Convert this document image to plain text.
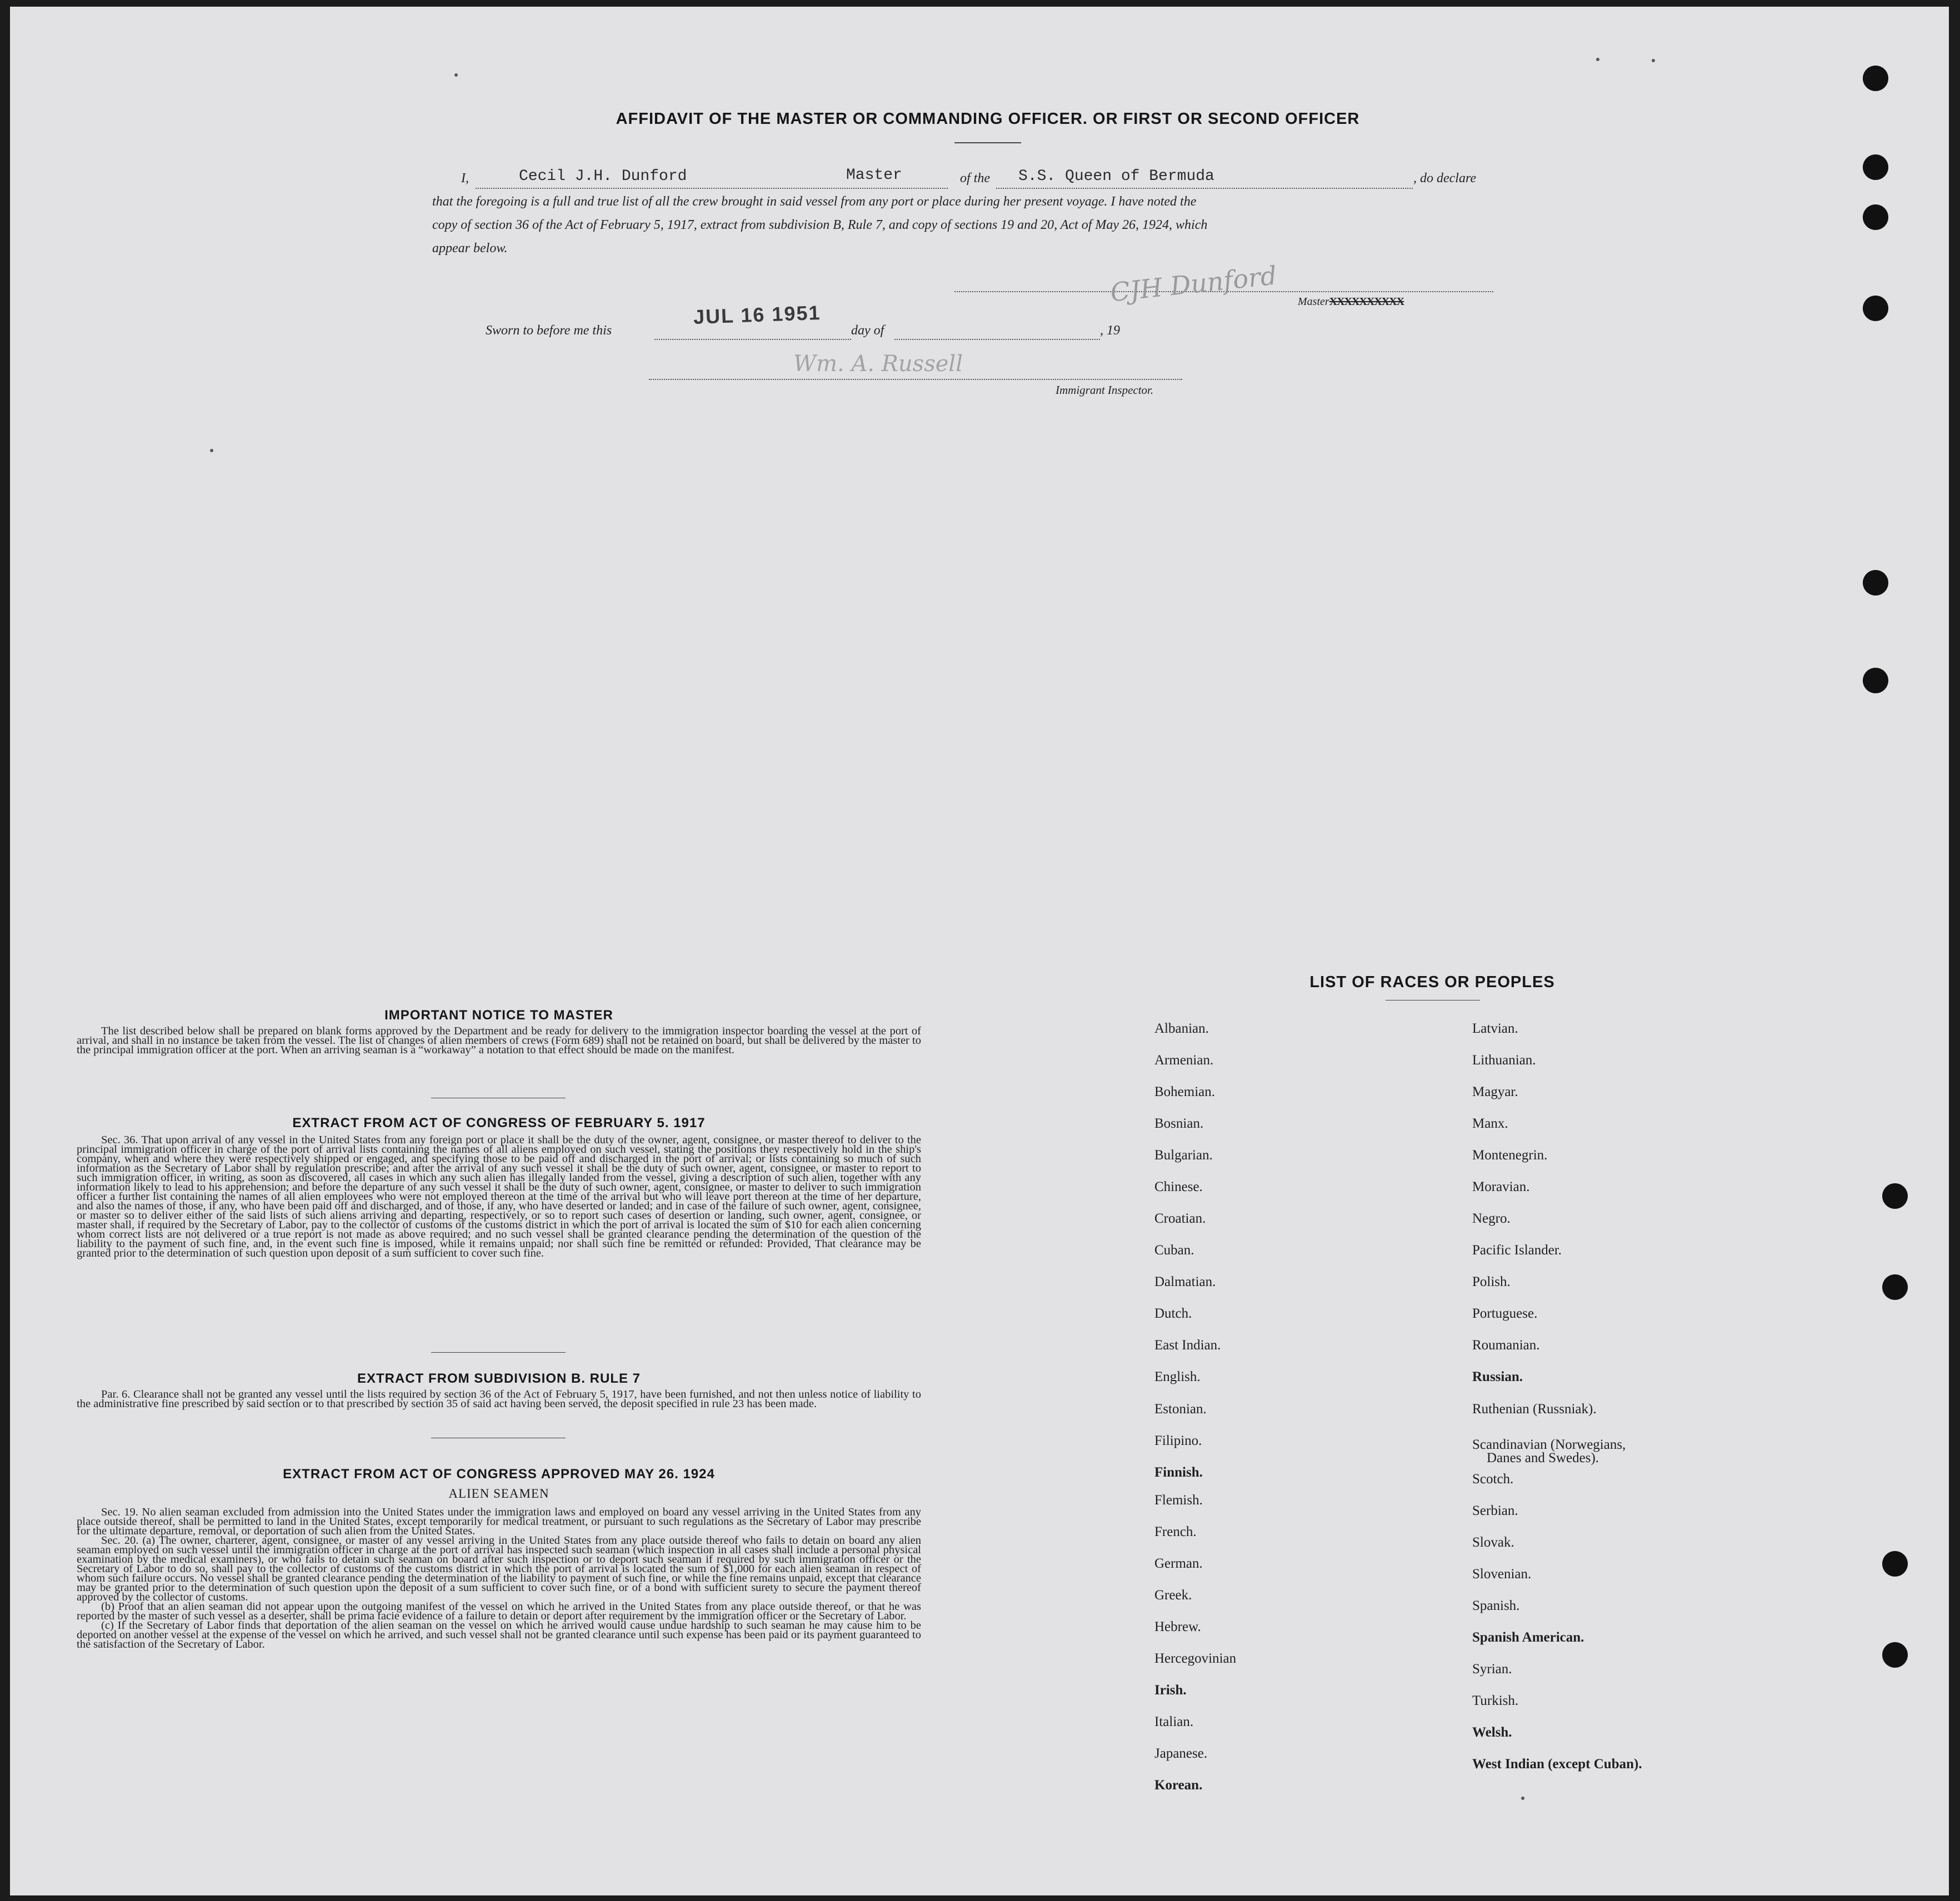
AFFIDAVIT OF THE MASTER OR COMMANDING OFFICER. OR FIRST OR SECOND OFFICER
I,	Cecil J.H. Dunford	Master	of the S.S. Queen of Bermuda	, do declare
that the foregoing is a full and true list of all the crew brought in said vessel from any port or place during her present voyage. I have noted the
copy of section 36 of the Act of February 5, 1917, extract from subdivision B, Rule 7, and copy of sections 19 and 20, Act of May 26, 1924, which
appear below.
CJH Dunford MasterXXXXXXXXXX
Sworn to before me this
JUL 16 1951
day of	, 19
Wm. A. Russell
Immigrant Inspector.
IMPORTANT NOTICE TO MASTER

The list described below shall be prepared on blank forms approved by the Department and be ready for delivery to the immigration inspector boarding the vessel at the port of arrival, and shall in no instance be taken from the vessel. The list of changes of alien members of crews (Form 689) shall not be retained on board, but shall be delivered by the master to the principal immigration officer at the port. When an arriving seaman is a “workaway” a notation to that effect should be made on the manifest.

EXTRACT FROM ACT OF CONGRESS OF FEBRUARY 5. 1917

Sec. 36. That upon arrival of any vessel in the United States from any foreign port or place it shall be the duty of the owner, agent, consignee, or master thereof to deliver to the principal immigration officer in charge of the port of arrival lists containing the names of all aliens employed on such vessel, stating the positions they respectively hold in the ship's company, when and where they were respectively shipped or engaged, and specifying those to be paid off and discharged in the port of arrival; or lists containing so much of such information as the Secretary of Labor shall by regulation prescribe; and after the arrival of any such vessel it shall be the duty of such owner, agent, consignee, or master to report to such immigration officer, in writing, as soon as discovered, all cases in which any such alien has illegally landed from the vessel, giving a description of such alien, together with any information likely to lead to his apprehension; and before the departure of any such vessel it shall be the duty of such owner, agent, consignee, or master to deliver to such immigration officer a further list containing the names of all alien employees who were not employed thereon at the time of the arrival but who will leave port thereon at the time of her departure, and also the names of those, if any, who have been paid off and discharged, and of those, if any, who have deserted or landed; and in case of the failure of such owner, agent, consignee, or master so to deliver either of the said lists of such aliens arriving and departing, respectively, or so to report such cases of desertion or landing, such owner, agent, consignee, or master shall, if required by the Secretary of Labor, pay to the collector of customs of the customs district in which the port of arrival is located the sum of $10 for each alien concerning whom correct lists are not delivered or a true report is not made as above required; and no such vessel shall be granted clearance pending the determination of the question of the liability to the payment of such fine, and, in the event such fine is imposed, while it remains unpaid; nor shall such fine be remitted or refunded: Provided, That clearance may be granted prior to the determination of such question upon deposit of a sum sufficient to cover such fine.

EXTRACT FROM SUBDIVISION B. RULE 7

Par. 6. Clearance shall not be granted any vessel until the lists required by section 36 of the Act of February 5, 1917, have been furnished, and not then unless notice of liability to the administrative fine prescribed by said section or to that prescribed by section 35 of said act having been served, the deposit specified in rule 23 has been made.

EXTRACT FROM ACT OF CONGRESS APPROVED MAY 26. 1924
ALIEN SEAMEN

Sec. 19. No alien seaman excluded from admission into the United States under the immigration laws and employed on board any vessel arriving in the United States from any place outside thereof, shall be permitted to land in the United States, except temporarily for medical treatment, or pursuant to such regulations as the Secretary of Labor may prescribe for the ultimate departure, removal, or deportation of such alien from the United States.

Sec. 20. (a) The owner, charterer, agent, consignee, or master of any vessel arriving in the United States from any place outside thereof who fails to detain on board any alien seaman employed on such vessel until the immigration officer in charge at the port of arrival has inspected such seaman (which inspection in all cases shall include a personal physical examination by the medical examiners), or who fails to detain such seaman on board after such inspection or to deport such seaman if required by such immigration officer or the Secretary of Labor to do so, shall pay to the collector of customs of the customs district in which the port of arrival is located the sum of $1,000 for each alien seaman in respect of whom such failure occurs. No vessel shall be granted clearance pending the determination of the liability to payment of such fine, or while the fine remains unpaid, except that clearance may be granted prior to the determination of such question upon the deposit of a sum sufficient to cover such fine, or of a bond with sufficient surety to secure the payment thereof approved by the collector of customs.

(b) Proof that an alien seaman did not appear upon the outgoing manifest of the vessel on which he arrived in the United States from any place outside thereof, or that he was reported by the master of such vessel as a deserter, shall be prima facie evidence of a failure to detain or deport after requirement by the immigration officer or the Secretary of Labor.

(c) If the Secretary of Labor finds that deportation of the alien seaman on the vessel on which he arrived would cause undue hardship to such seaman he may cause him to be deported on another vessel at the expense of the vessel on which he arrived, and such vessel shall not be granted clearance until such expense has been paid or its payment guaranteed to the satisfaction of the Secretary of Labor.

LIST OF RACES OR PEOPLES
Albanian.
Armenian.
Bohemian.
Bosnian.
Bulgarian.
Chinese.
Croatian.
Cuban.
Dalmatian.
Dutch.
East Indian.
English.
Estonian.
Filipino.
Finnish.
Flemish.
French.
German.
Greek.
Hebrew.
Hercegovinian
Irish.
Italian.
Japanese.
Korean.
Latvian.
Lithuanian.
Magyar.
Manx.
Montenegrin.
Moravian.
Negro.
Pacific Islander.
Polish.
Portuguese.
Roumanian.
Russian.
Ruthenian (Russniak).
Scandinavian (Norwegians,
Danes and Swedes).
Scotch.
Serbian.
Slovak.
Slovenian.
Spanish.
Spanish American.
Syrian.
Turkish.
Welsh.
West Indian (except Cuban).
